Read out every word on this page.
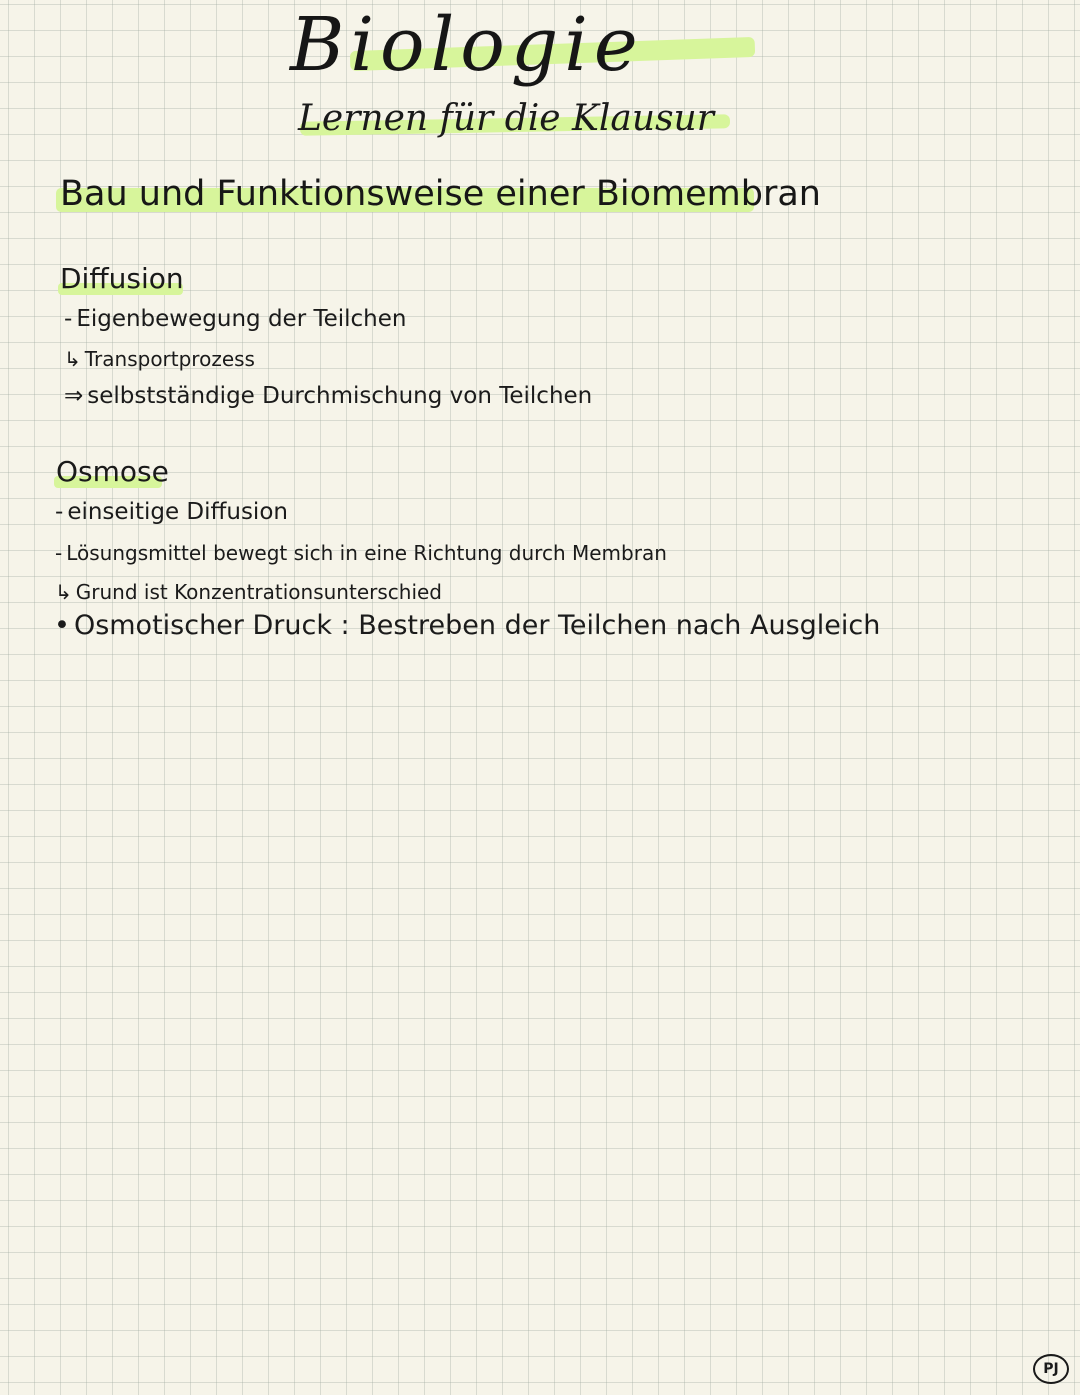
Biologie
Lernen für die Klausur
Bau und Funktionsweise einer Biomembran
Diffusion
- Eigenbewegung der Teilchen
↳ Transportprozess
⇒ selbstständige Durchmischung von Teilchen
Osmose
- einseitige Diffusion
- Lösungsmittel bewegt sich in eine Richtung durch Membran
↳ Grund ist Konzentrationsunterschied
• Osmotischer Druck : Bestreben der Teilchen nach Ausgleich
PJ
